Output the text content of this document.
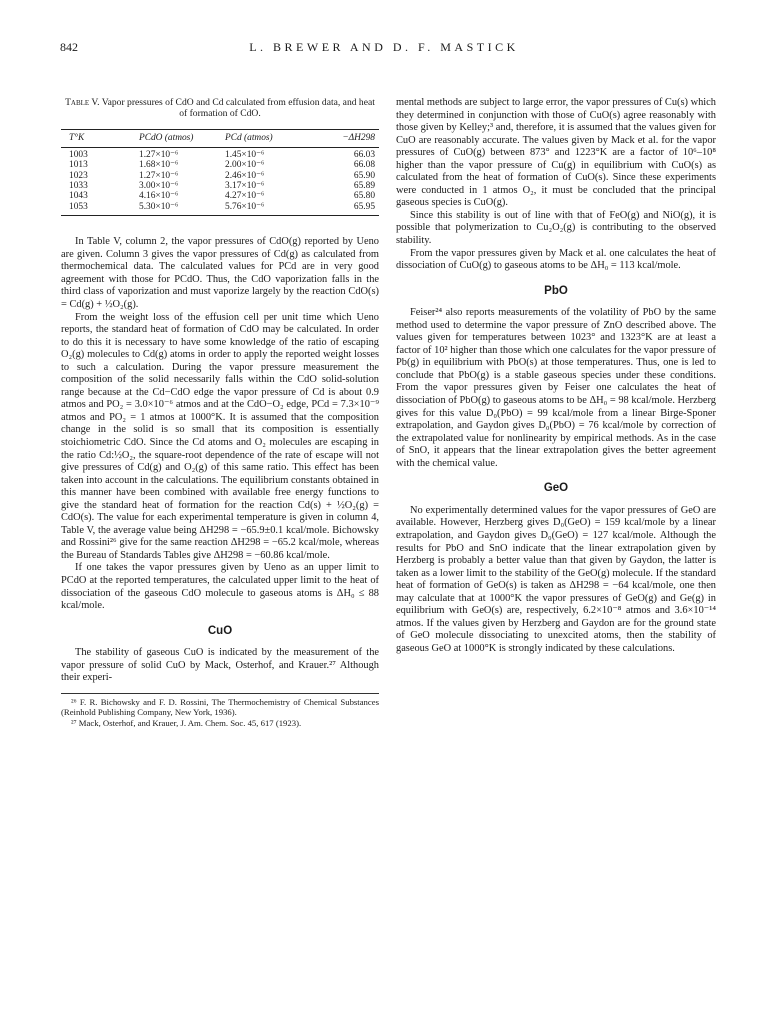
842	L. BREWER AND D. F. MASTICK
Table V. Vapor pressures of CdO and Cd calculated from effusion data, and heat of formation of CdO.
T°K	PCdO (atmos)	PCd (atmos)	−ΔH298
1003	1.27×10⁻⁶	1.45×10⁻⁶	66.03
1013	1.68×10⁻⁶	2.00×10⁻⁶	66.08
1023	1.27×10⁻⁶	2.46×10⁻⁶	65.90
1033	3.00×10⁻⁶	3.17×10⁻⁶	65.89
1043	4.16×10⁻⁶	4.27×10⁻⁶	65.80
1053	5.30×10⁻⁶	5.76×10⁻⁶	65.95

In Table V, column 2, the vapor pressures of CdO(g) reported by Ueno are given. Column 3 gives the vapor pressures of Cd(g) as calculated from thermochemical data. The calculated values for PCd are in very good agreement with those for PCdO. Thus, the CdO vaporization falls in the third class of vaporization and must vaporize largely by the reaction CdO(s) = Cd(g) + ½O₂(g).

From the weight loss of the effusion cell per unit time which Ueno reports, the standard heat of formation of CdO may be calculated. In order to do this it is necessary to have some knowledge of the ratio of escaping O₂(g) molecules to Cd(g) atoms in order to apply the reported weight losses to such a calculation. During the vapor pressure measurement the composition of the solid necessarily falls within the CdO solid-solution range because at the Cd−CdO edge the vapor pressure of Cd is about 0.9 atmos and PO₂ = 3.0×10⁻⁶ atmos and at the CdO−O₂ edge, PCd = 7.3×10⁻⁹ atmos and PO₂ = 1 atmos at 1000°K. It is assumed that the composition change in the solid is so small that its composition is essentially stoichiometric CdO. Since the Cd atoms and O₂ molecules are escaping in the ratio Cd:½O₂, the square-root dependence of the rate of escape will not give pressures of Cd(g) and O₂(g) of this same ratio. This effect has been taken into account in the calculations. The equilibrium constants obtained in this manner have been combined with available free energy functions to give the standard heat of formation for the reaction Cd(s) + ½O₂(g) = CdO(s). The value for each experimental temperature is given in column 4, Table V, the average value being ΔH298 = −65.9±0.1 kcal/mole. Bichowsky and Rossini²⁶ give for the same reaction ΔH298 = −65.2 kcal/mole, whereas the Bureau of Standards Tables give ΔH298 = −60.86 kcal/mole.

If one takes the vapor pressures given by Ueno as an upper limit to PCdO at the reported temperatures, the calculated upper limit to the heat of dissociation of the gaseous CdO molecule to gaseous atoms is ΔH₀ ≤ 88 kcal/mole.

CuO

The stability of gaseous CuO is indicated by the measurement of the vapor pressure of solid CuO by Mack, Osterhof, and Krauer.²⁷ Although their experi-

²⁶ F. R. Bichowsky and F. D. Rossini, The Thermochemistry of Chemical Substances (Reinhold Publishing Company, New York, 1936).

²⁷ Mack, Osterhof, and Krauer, J. Am. Chem. Soc. 45, 617 (1923).

mental methods are subject to large error, the vapor pressures of Cu(s) which they determined in conjunction with those of CuO(s) agree reasonably with those given by Kelley;³ and, therefore, it is assumed that the values given for CuO are reasonably accurate. The values given by Mack et al. for the vapor pressures of CuO(g) between 873° and 1223°K are a factor of 10⁶–10⁸ higher than the vapor pressure of Cu(g) in equilibrium with CuO(s) as calculated from the heat of formation of CuO(s). Since these experiments were conducted in 1 atmos O₂, it must be concluded that the principal gaseous species is CuO(g).

Since this stability is out of line with that of FeO(g) and NiO(g), it is possible that polymerization to Cu₂O₂(g) is contributing to the observed stability.

From the vapor pressures given by Mack et al. one calculates the heat of dissociation of CuO(g) to gaseous atoms to be ΔH₀ = 113 kcal/mole.

PbO

Feiser²⁴ also reports measurements of the volatility of PbO by the same method used to determine the vapor pressure of ZnO described above. The values given for temperatures between 1023° and 1323°K are at least a factor of 10² higher than those which one calculates for the vapor pressure of Pb(g) in equilibrium with PbO(s) at those temperatures. Thus, one is led to conclude that PbO(g) is a stable gaseous species under these conditions. From the vapor pressures given by Feiser one calculates the heat of dissociation of PbO(g) to gaseous atoms to be ΔH₀ = 98 kcal/mole. Herzberg gives for this value D₀(PbO) = 99 kcal/mole from a linear Birge-Sponer extrapolation, and Gaydon gives D₀(PbO) = 76 kcal/mole by correction of the extrapolated value for nonlinearity by empirical methods. As in the case of SnO, it appears that the linear extrapolation gives the better agreement with the chemical value.

GeO

No experimentally determined values for the vapor pressures of GeO are available. However, Herzberg gives D₀(GeO) = 159 kcal/mole by a linear extrapolation, and Gaydon gives D₀(GeO) = 127 kcal/mole. Although the results for PbO and SnO indicate that the linear extrapolation given by Herzberg is probably a better value than that given by Gaydon, the latter is taken as a lower limit to the stability of the GeO(g) molecule. If the standard heat of formation of GeO(s) is taken as ΔH298 = −64 kcal/mole, one then may calculate that at 1000°K the vapor pressures of GeO(g) and Ge(g) in equilibrium with GeO(s) are, respectively, 6.2×10⁻⁸ atmos and 3.6×10⁻¹⁴ atmos. If the values given by Herzberg and Gaydon are for the ground state of GeO molecule dissociating to unexcited atoms, then the stability of gaseous GeO at 1000°K is strongly indicated by these calculations.
